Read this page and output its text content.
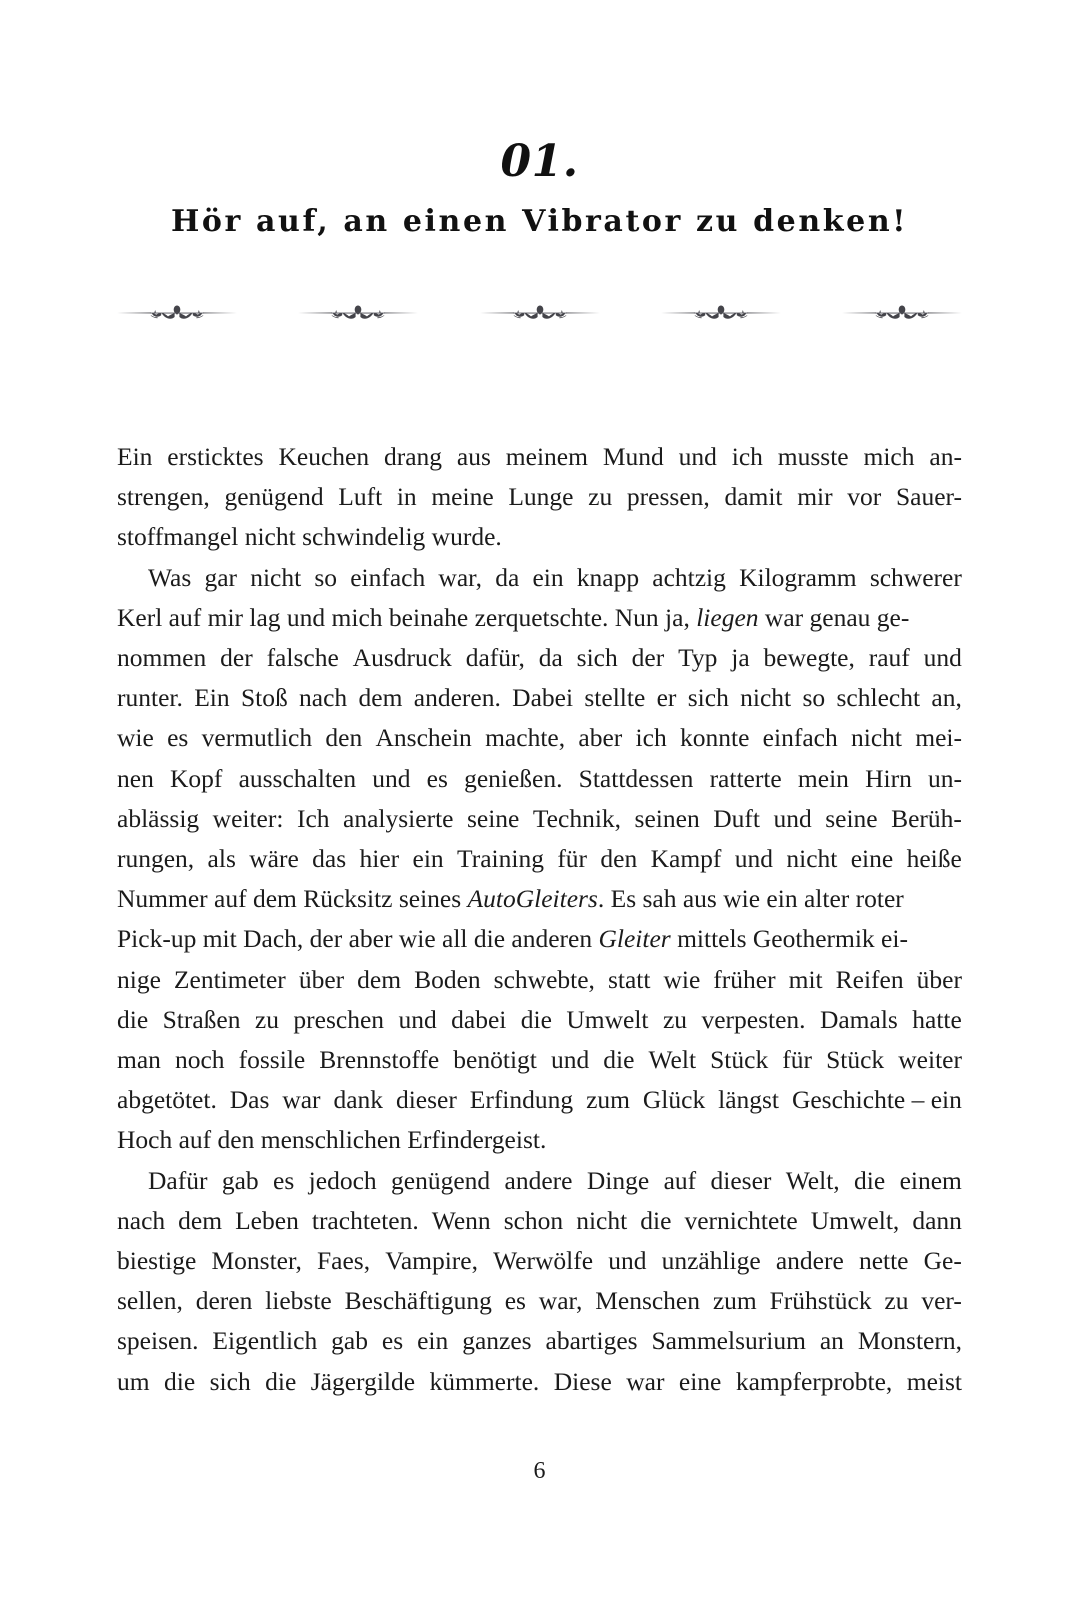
01.
Hör auf, an einen Vibrator zu denken!

Ein ersticktes Keuchen drang aus meinem Mund und ich musste mich an-
strengen, genügend Luft in meine Lunge zu pressen, damit mir vor Sauer-
stoffmangel nicht schwindelig wurde.

Was gar nicht so einfach war, da ein knapp achtzig Kilogramm schwerer
Kerl auf mir lag und mich beinahe zerquetschte. Nun ja, liegen war genau ge-
nommen der falsche Ausdruck dafür, da sich der Typ ja bewegte, rauf und
runter. Ein Stoß nach dem anderen. Dabei stellte er sich nicht so schlecht an,
wie es vermutlich den Anschein machte, aber ich konnte einfach nicht mei-
nen Kopf ausschalten und es genießen. Stattdessen ratterte mein Hirn un-
ablässig weiter: Ich analysierte seine Technik, seinen Duft und seine Berüh-
rungen, als wäre das hier ein Training für den Kampf und nicht eine heiße
Nummer auf dem Rücksitz seines AutoGleiters. Es sah aus wie ein alter roter
Pick-up mit Dach, der aber wie all die anderen Gleiter mittels Geothermik ei-
nige Zentimeter über dem Boden schwebte, statt wie früher mit Reifen über
die Straßen zu preschen und dabei die Umwelt zu verpesten. Damals hatte
man noch fossile Brennstoffe benötigt und die Welt Stück für Stück weiter
abgetötet. Das war dank dieser Erfindung zum Glück längst Geschichte – ein
Hoch auf den menschlichen Erfindergeist.

Dafür gab es jedoch genügend andere Dinge auf dieser Welt, die einem
nach dem Leben trachteten. Wenn schon nicht die vernichtete Umwelt, dann
biestige Monster, Faes, Vampire, Werwölfe und unzählige andere nette Ge-
sellen, deren liebste Beschäftigung es war, Menschen zum Frühstück zu ver-
speisen. Eigentlich gab es ein ganzes abartiges Sammelsurium an Monstern,
um die sich die Jägergilde kümmerte. Diese war eine kampferprobte, meist

6
